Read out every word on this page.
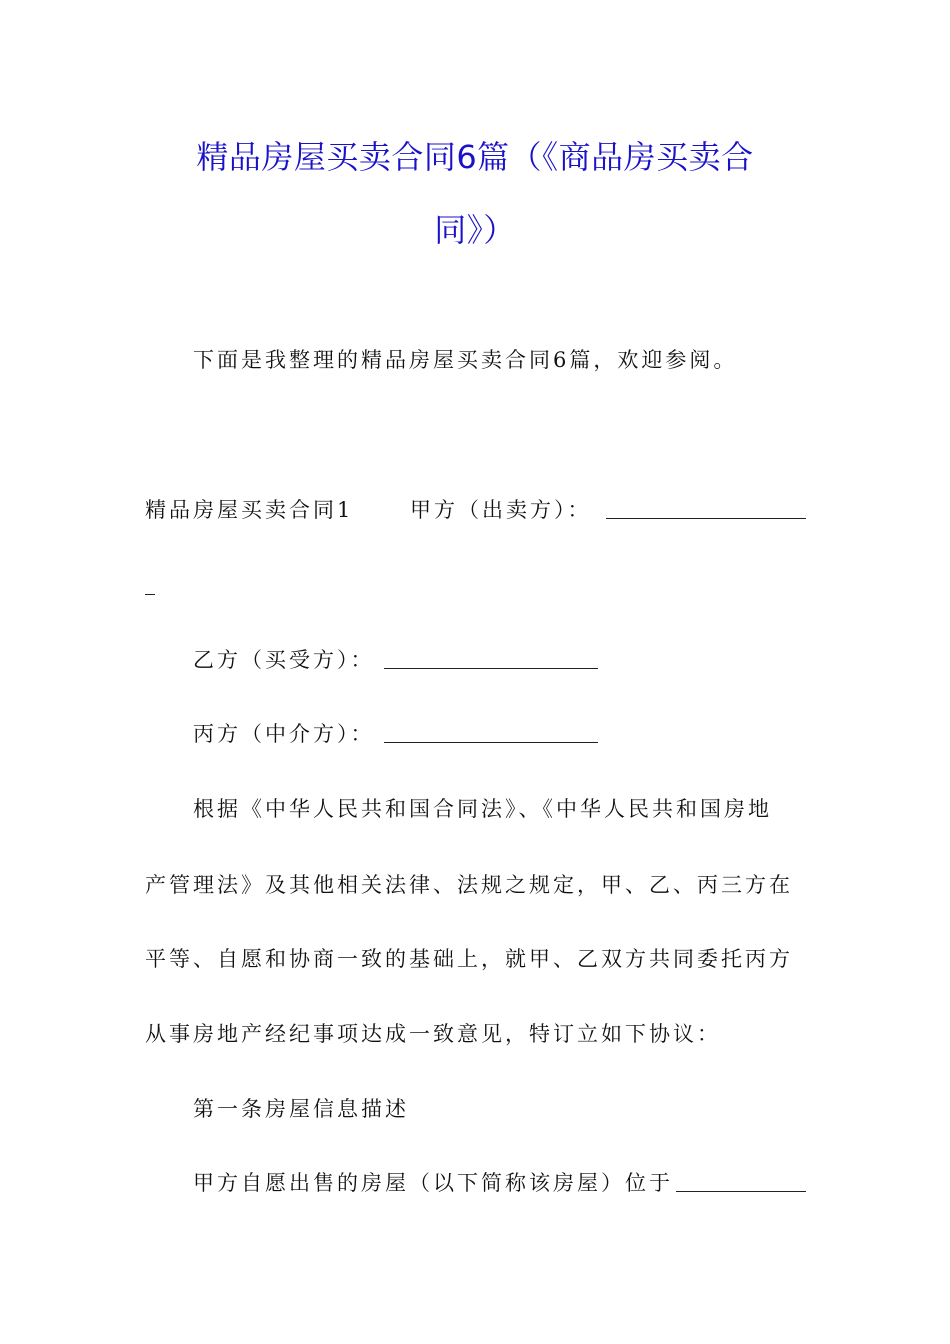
精品房屋买卖合同6篇（《商品房买卖合
同》）
下面是我整理的精品房屋买卖合同6篇，欢迎参阅。
精品房屋买卖合同1	甲方（出卖方）：
乙方（买受方）：
丙方（中介方）：
根据《中华人民共和国合同法》、《中华人民共和国房地
产管理法》及其他相关法律、法规之规定，甲、乙、丙三方在
平等、自愿和协商一致的基础上，就甲、乙双方共同委托丙方
从事房地产经纪事项达成一致意见，特订立如下协议：
第一条房屋信息描述
甲方自愿出售的房屋（以下简称该房屋）位于
